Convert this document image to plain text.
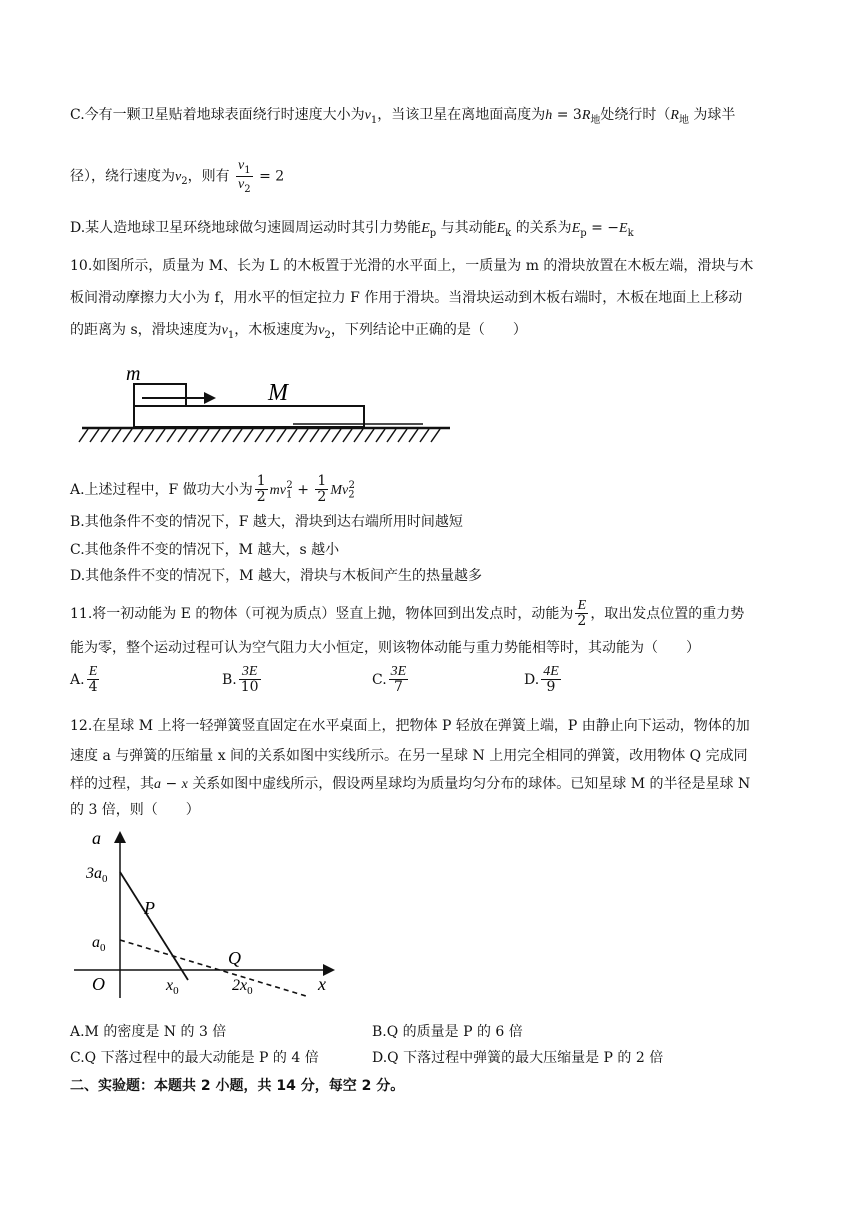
C.今有一颗卫星贴着地球表面绕行时速度大小为$v_1$，当该卫星在离地面高度为$h = 3R_地$处绕行时（$R_地$ 为球半
径），绕行速度为$v_2$，则有 $\frac{v_1}{v_2} = 2$
D.某人造地球卫星环绕地球做匀速圆周运动时其引力势能$E_p$ 与其动能$E_k$ 的关系为$E_p = -E_k$
10.如图所示，质量为 M、长为 L 的木板置于光滑的水平面上，一质量为 m 的滑块放置在木板左端，滑块与木
板间滑动摩擦力大小为 f，用水平的恒定拉力 F 作用于滑块。当滑块运动到木板右端时，木板在地面上上移动
的距离为 s，滑块速度为$v_1$，木板速度为$v_2$，下列结论中正确的是（　　）
m
M
A.上述过程中，F 做功大小为 $\frac{1}{2} mv_1^2 + \frac{1}{2} Mv_2^2$
B.其他条件不变的情况下，F 越大，滑块到达右端所用时间越短
C.其他条件不变的情况下，M 越大，s 越小
D.其他条件不变的情况下，M 越大，滑块与木板间产生的热量越多
11.将一初动能为 E 的物体（可视为质点）竖直上抛，物体回到出发点时，动能为 $\frac{E}{2}$ ，取出发点位置的重力势
能为零，整个运动过程可认为空气阻力大小恒定，则该物体动能与重力势能相等时，其动能为（　　）
A. $\frac{E}{4}$	B. $\frac{3E}{10}$	C. $\frac{3E}{7}$	D. $\frac{4E}{9}$
12.在星球 M 上将一轻弹簧竖直固定在水平桌面上，把物体 P 轻放在弹簧上端，P 由静止向下运动，物体的加
速度 a 与弹簧的压缩量 x 间的关系如图中实线所示。在另一星球 N 上用完全相同的弹簧，改用物体 Q 完成同
样的过程，其a − x 关系如图中虚线所示，假设两星球均为质量均匀分布的球体。已知星球 M 的半径是星球 N
的 3 倍，则（　　）
a
x
O
$3a_0$
$a_0$
$x_0$	$2x_0$
P
Q
A.M 的密度是 N 的 3 倍	B.Q 的质量是 P 的 6 倍
C.Q 下落过程中的最大动能是 P 的 4 倍	D.Q 下落过程中弹簧的最大压缩量是 P 的 2 倍
二、实验题：本题共 2 小题，共 14 分，每空 2 分。
